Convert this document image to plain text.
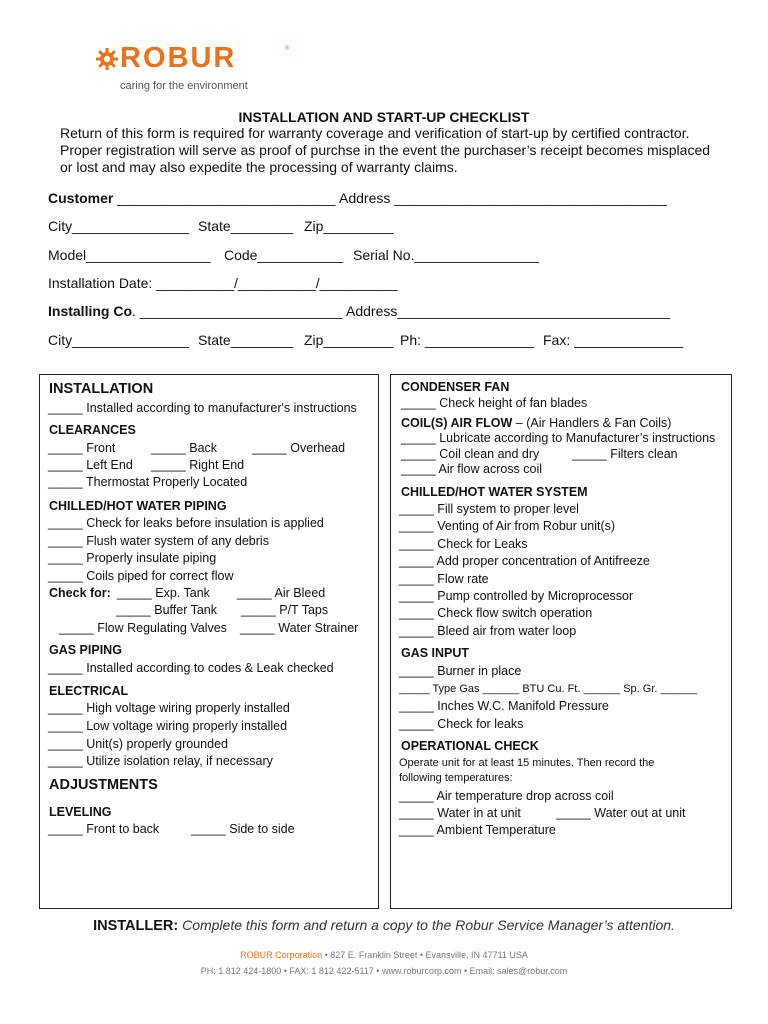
ROBUR	®
caring for the environment
INSTALLATION AND START-UP CHECKLIST
Return of this form is required for warranty coverage and verification of start-up by certified contractor.
Proper registration will serve as proof of purchse in the event the purchaser’s receipt becomes misplaced
or lost and may also expedite the processing of warranty claims.
Customer ____________________________ Address ___________________________________
City_______________ State________ Zip_________
Model________________ Code___________ Serial No.________________
Installation Date: __________/__________/__________
Installing Co. __________________________ Address___________________________________
City_______________ State________ Zip_________ Ph: ______________ Fax: ______________
INSTALLATION
_____ Installed according to manufacturer's instructions
CLEARANCES
_____ Front	_____ Back	_____ Overhead
_____ Left End _____ Right End
_____ Thermostat Properly Located
CHILLED/HOT WATER PIPING
_____ Check for leaks before insulation is applied
_____ Flush water system of any debris
_____ Properly insulate piping
_____ Coils piped for correct flow
Check for: _____ Exp. Tank _____ Air Bleed
_____ Buffer Tank _____ P/T Taps
_____ Flow Regulating Valves _____ Water Strainer
GAS PIPING
_____ Installed according to codes & Leak checked
ELECTRICAL
_____ High voltage wiring properly installed
_____ Low voltage wiring properly installed
_____ Unit(s) properly grounded
_____ Utilize isolation relay, if necessary
ADJUSTMENTS
LEVELING
_____ Front to back	_____ Side to side
CONDENSER FAN
_____ Check height of fan blades
COIL(S) AIR FLOW – (Air Handlers & Fan Coils)
_____ Lubricate according to Manufacturer’s instructions
_____ Coil clean and dry	_____ Filters clean
_____ Air flow across coil
CHILLED/HOT WATER SYSTEM
_____ Fill system to proper level
_____ Venting of Air from Robur unit(s)
_____ Check for Leaks
_____ Add proper concentration of Antifreeze
_____ Flow rate
_____ Pump controlled by Microprocessor
_____ Check flow switch operation
_____ Bleed air from water loop
GAS INPUT
_____ Burner in place
_____ Type Gas ______ BTU Cu. Ft. ______ Sp. Gr. ______
_____ Inches W.C. Manifold Pressure
_____ Check for leaks
OPERATIONAL CHECK
Operate unit for at least 15 minutes. Then record the
following temperatures:
_____ Air temperature drop across coil
_____ Water in at unit	_____ Water out at unit
_____ Ambient Temperature
INSTALLER: Complete this form and return a copy to the Robur Service Manager’s attention.
ROBUR Corporation • 827 E. Franklin Street • Evansville, IN 47711 USA
PH: 1 812 424-1800 • FAX: 1 812 422-5117 • www.roburcorp.com • Email: sales@robur.com
